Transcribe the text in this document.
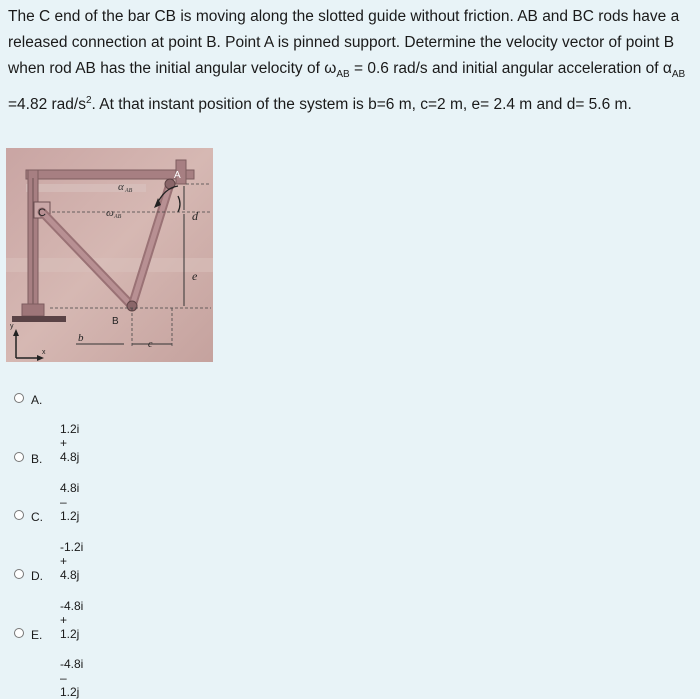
The C end of the bar CB is moving along the slotted guide without friction. AB and BC rods have a released connection at point B. Point A is pinned support. Determine the velocity vector of point B when rod AB has the initial angular velocity of $\omega_{AB} = 0.6$ rad/s and initial angular acceleration of $\alpha_{AB} =4.82$ rad/$s^2$. At that instant position of the system is b=6 m, c=2 m, e= 2.4 m and d= 5.6 m.
α AB
ω AB
A
B
C	d
e
b
c
y
x
A.
1.2i + 4.8j
B.
4.8i – 1.2j
C.
-1.2i + 4.8j
D.
-4.8i + 1.2j
E.
-4.8i – 1.2j
